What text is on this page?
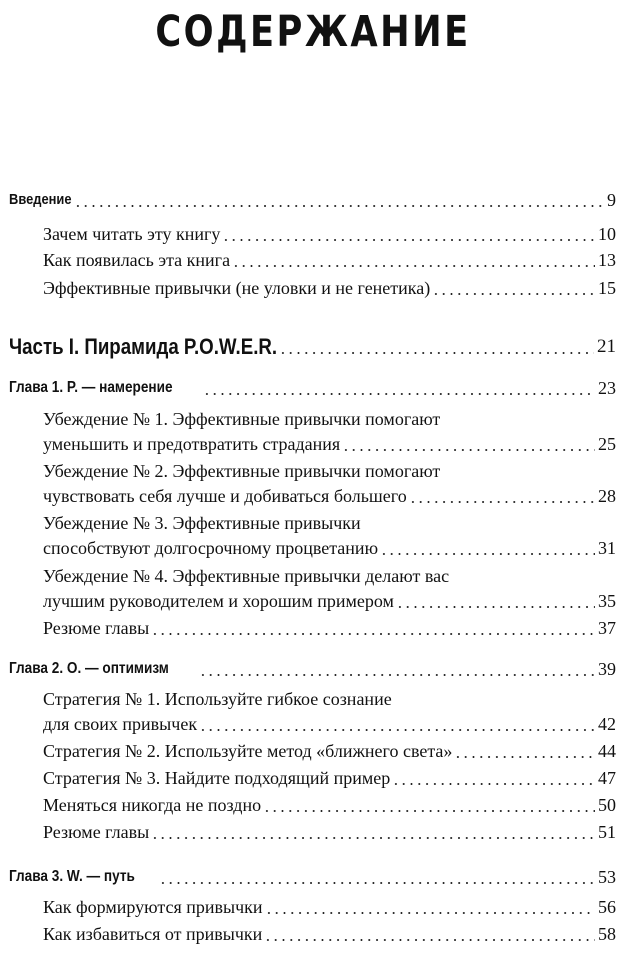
СОДЕРЖАНИЕ
Введение	9
Зачем читать эту книгу	10
Как появилась эта книга	13
Эффективные привычки (не уловки и не генетика)	15
Часть I. Пирамида P.O.W.E.R.	21
Глава 1. P. — намерение	23
Убеждение № 1. Эффективные привычки помогают
уменьшить и предотвратить страдания	25
Убеждение № 2. Эффективные привычки помогают
чувствовать себя лучше и добиваться большего	28
Убеждение № 3. Эффективные привычки
способствуют долгосрочному процветанию	31
Убеждение № 4. Эффективные привычки делают вас
лучшим руководителем и хорошим примером	35
Резюме главы	37
Глава 2. O. — оптимизм	39
Стратегия № 1. Используйте гибкое сознание
для своих привычек	42
Стратегия № 2. Используйте метод «ближнего света»	44
Стратегия № 3. Найдите подходящий пример	47
Меняться никогда не поздно	50
Резюме главы	51
Глава 3. W. — путь	53
Как формируются привычки	56
Как избавиться от привычки	58
